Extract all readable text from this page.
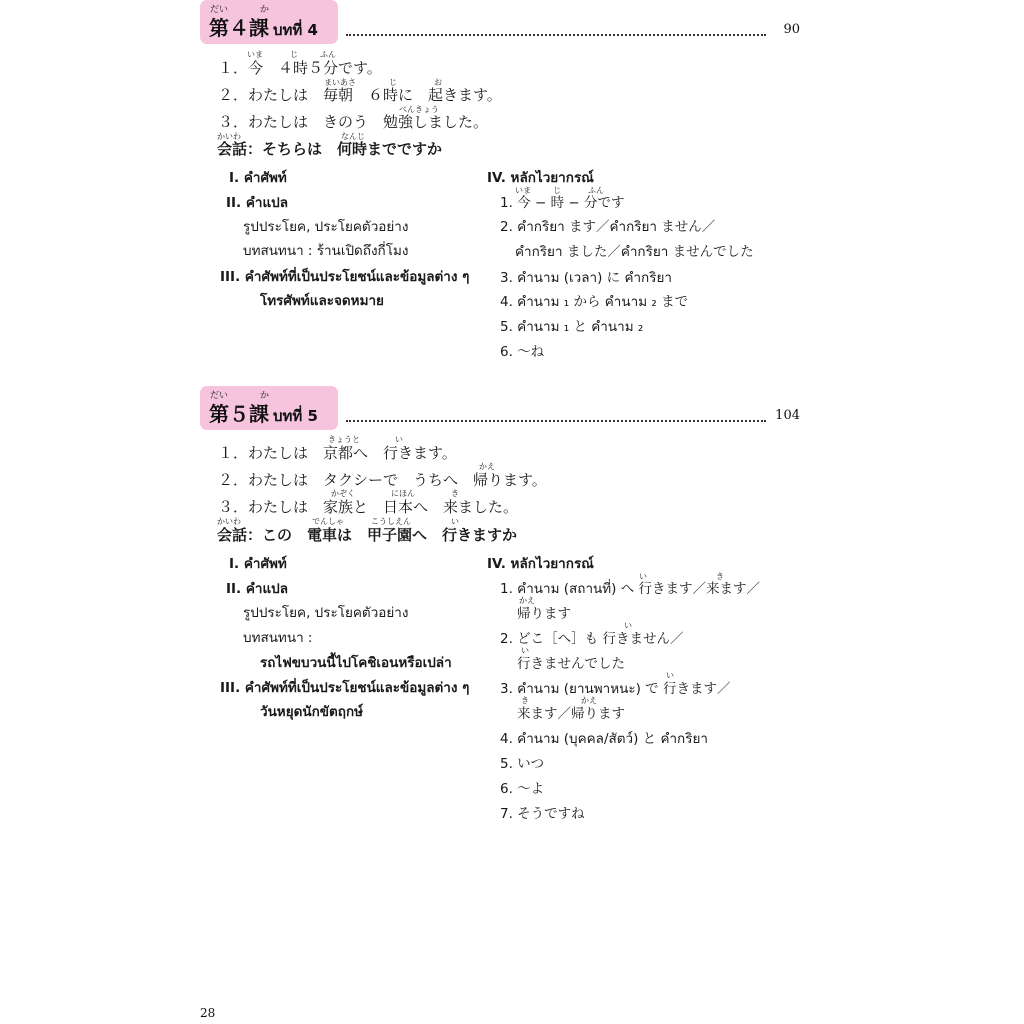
だい	か
第４課 บทที่ 4	90
いま	じ	ふん
１．今　４時５分です。
まいあさ	じ	お
２．わたしは　毎朝　６時に　起きます。
べんきょう
３．わたしは　きのう　勉強しました。
かいわ	なんじ
会話：そちらは　何時までですか
I. คำศัพท์
II. คำแปล
รูปประโยค, ประโยคตัวอย่าง
บทสนทนา : ร้านเปิดถึงกี่โมง
III. คำศัพท์ที่เป็นประโยชน์และข้อมูลต่าง ๆ
โทรศัพท์และจดหมาย
IV. หลักไวยากรณ์
いま	じ	ふん
1. 今 − 時 − 分です
2. คำกริยา ます／คำกริยา ません／
คำกริยา ました／คำกริยา ませんでした
3. คำนาม (เวลา) に คำกริยา
4. คำนาม ₁ から คำนาม ₂ まで
5. คำนาม ₁ と คำนาม ₂
6. ～ね
だい	か
第５課 บทที่ 5	104
きょうと	い
１．わたしは　京都へ　行きます。
かえ
２．わたしは　タクシーで　うちへ　帰ります。
かぞく	にほん	き
３．わたしは　家族と　日本へ　来ました。
かいわ	でんしゃ	こうしえん	い
会話：この　電車は　甲子園へ　行きますか
I. คำศัพท์
II. คำแปล
รูปประโยค, ประโยคตัวอย่าง
บทสนทนา :
รถไฟขบวนนี้ไปโคชิเอนหรือเปล่า
III. คำศัพท์ที่เป็นประโยชน์และข้อมูลต่าง ๆ
วันหยุดนักขัตฤกษ์
IV. หลักไวยากรณ์
い	き
1. คำนาม (สถานที่) へ 行きます／来ます／
かえ
帰ります
い
2. どこ［へ］も 行きません／
い
行きませんでした
い
3. คำนาม (ยานพาหนะ) で 行きます／
き	かえ
来ます／帰ります
4. คำนาม (บุคคล/สัตว์) と คำกริยา
5. いつ
6. ～よ
7. そうですね
28
